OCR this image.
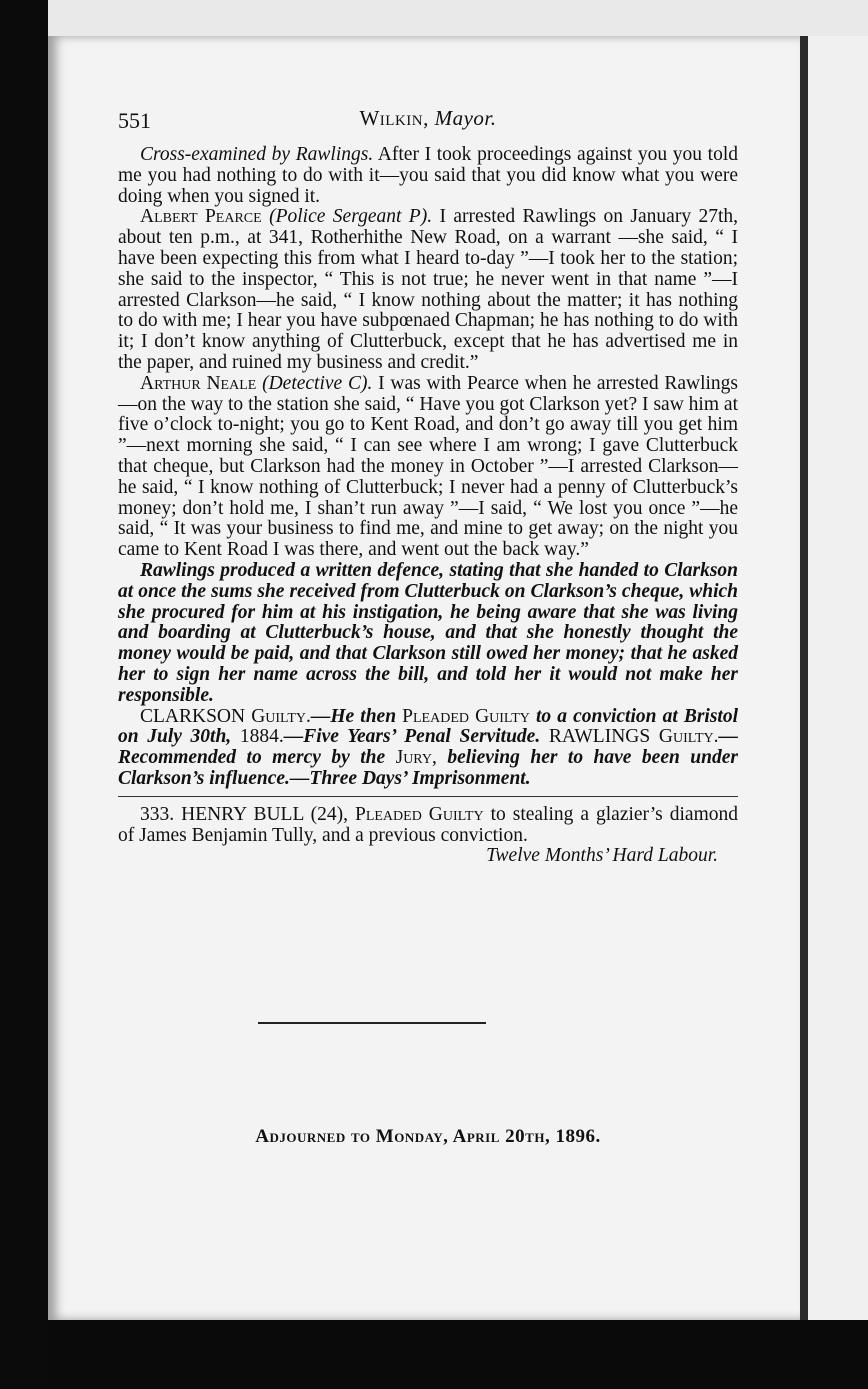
551	Wilkin, Mayor.

Cross-examined by Rawlings. After I took proceedings against you you told me you had nothing to do with it—you said that you did know what you were doing when you signed it.

Albert Pearce (Police Sergeant P). I arrested Rawlings on January 27th, about ten p.m., at 341, Rotherhithe New Road, on a warrant —she said, “ I have been expecting this from what I heard to-day ”—I took her to the station; she said to the inspector, “ This is not true; he never went in that name ”—I arrested Clarkson—he said, “ I know nothing about the matter; it has nothing to do with me; I hear you have subpœnaed Chapman; he has nothing to do with it; I don’t know anything of Clutterbuck, except that he has advertised me in the paper, and ruined my business and credit.”

Arthur Neale (Detective C). I was with Pearce when he arrested Rawlings—on the way to the station she said, “ Have you got Clarkson yet? I saw him at five o’clock to-night; you go to Kent Road, and don’t go away till you get him ”—next morning she said, “ I can see where I am wrong; I gave Clutterbuck that cheque, but Clarkson had the money in October ”—I arrested Clarkson—he said, “ I know nothing of Clutterbuck; I never had a penny of Clutterbuck’s money; don’t hold me, I shan’t run away ”—I said, “ We lost you once ”—he said, “ It was your business to find me, and mine to get away; on the night you came to Kent Road I was there, and went out the back way.”

Rawlings produced a written defence, stating that she handed to Clarkson at once the sums she received from Clutterbuck on Clarkson’s cheque, which she procured for him at his instigation, he being aware that she was living and boarding at Clutterbuck’s house, and that she honestly thought the money would be paid, and that Clarkson still owed her money; that he asked her to sign her name across the bill, and told her it would not make her responsible.

CLARKSON Guilty.—He then Pleaded Guilty to a conviction at Bristol on July 30th, 1884.—Five Years’ Penal Servitude. RAWLINGS Guilty.—Recommended to mercy by the Jury, believing her to have been under Clarkson’s influence.—Three Days’ Imprisonment.

333. HENRY BULL (24), Pleaded Guilty to stealing a glazier’s diamond of James Benjamin Tully, and a previous conviction.

Twelve Months’ Hard Labour.

Adjourned to Monday, April 20th, 1896.
